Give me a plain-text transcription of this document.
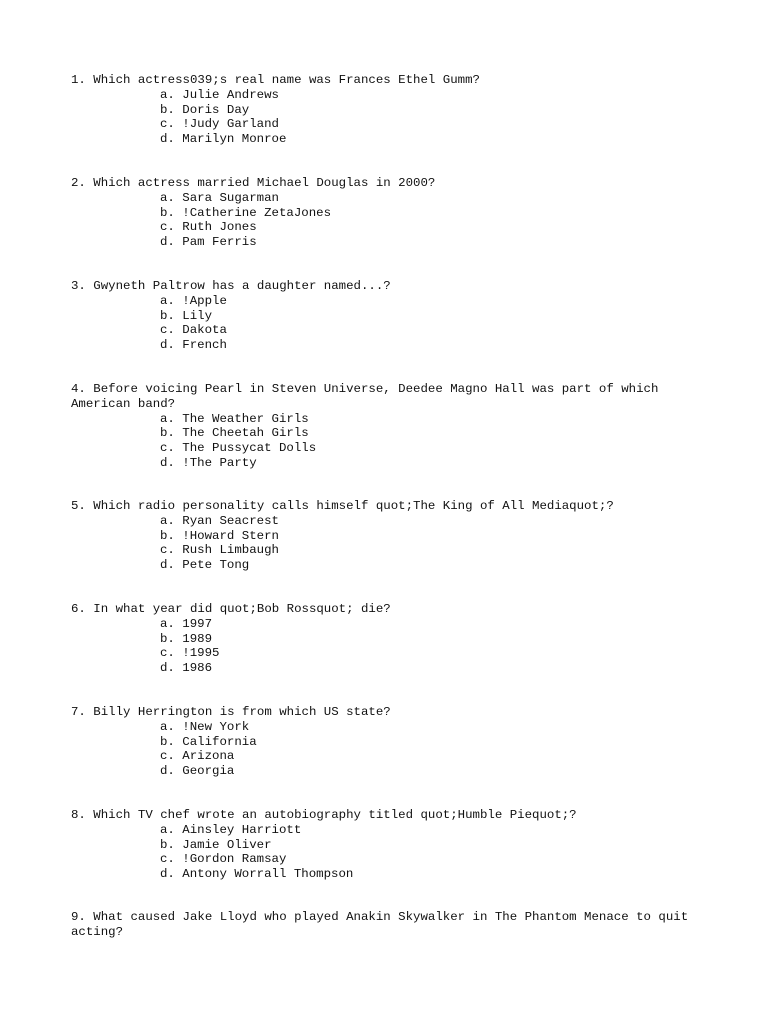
1. Which actress039;s real name was Frances Ethel Gumm?

a. Julie Andrews
b. Doris Day
c. !Judy Garland
d. Marilyn Monroe

2. Which actress married Michael Douglas in 2000?

a. Sara Sugarman
b. !Catherine ZetaJones
c. Ruth Jones
d. Pam Ferris

3. Gwyneth Paltrow has a daughter named...?

a. !Apple
b. Lily
c. Dakota
d. French

4. Before voicing Pearl in Steven Universe, Deedee Magno Hall was part of which American band?

a. The Weather Girls
b. The Cheetah Girls
c. The Pussycat Dolls
d. !The Party

5. Which radio personality calls himself quot;The King of All Mediaquot;?

a. Ryan Seacrest
b. !Howard Stern
c. Rush Limbaugh
d. Pete Tong

6. In what year did quot;Bob Rossquot; die?

a. 1997
b. 1989
c. !1995
d. 1986

7. Billy Herrington is from which US state?

a. !New York
b. California
c. Arizona
d. Georgia

8. Which TV chef wrote an autobiography titled quot;Humble Piequot;?

a. Ainsley Harriott
b. Jamie Oliver
c. !Gordon Ramsay
d. Antony Worrall Thompson

9. What caused Jake Lloyd who played Anakin Skywalker in The Phantom Menace to quit acting?
